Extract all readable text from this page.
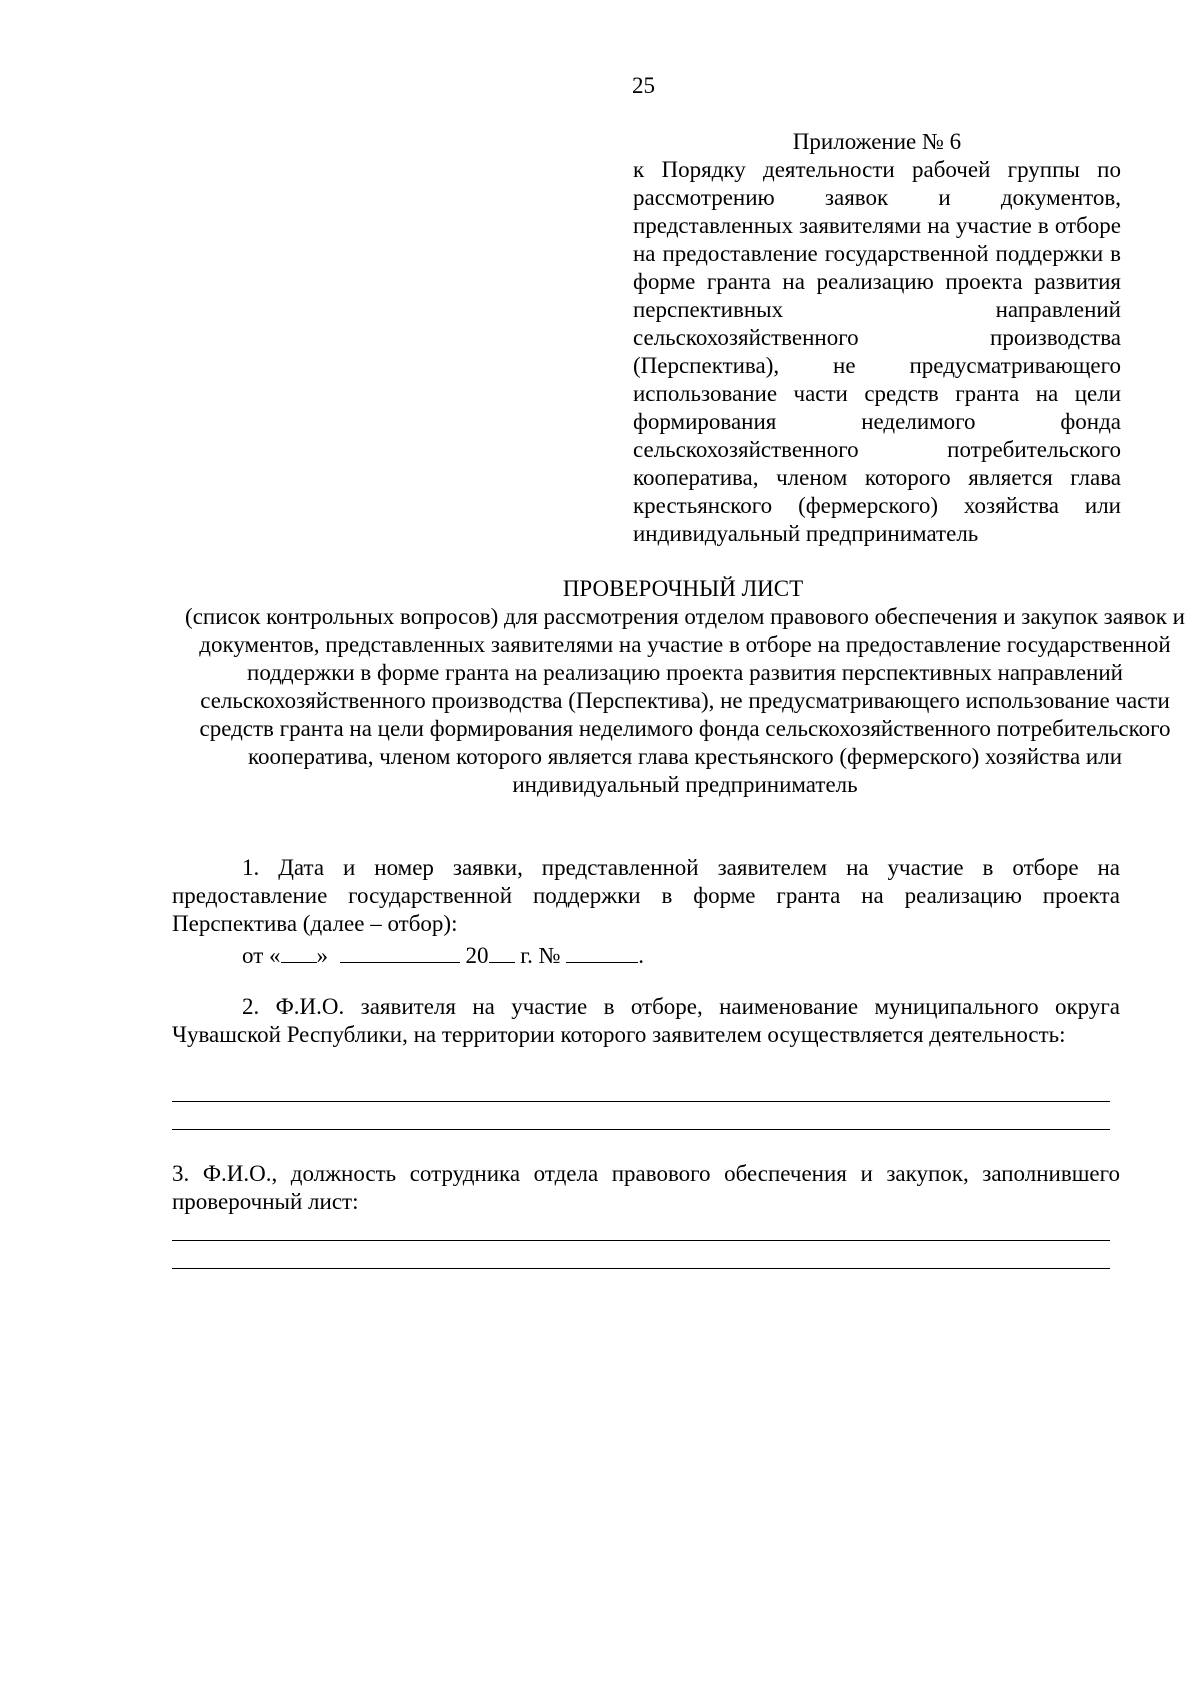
25
Приложение № 6
к Порядку деятельности рабочей группы по рассмотрению заявок и документов, представленных заявителями на участие в отборе на предоставление государственной поддержки в форме гранта на реализацию проекта развития перспективных направлений сельскохозяйственного производства (Перспектива), не предусматривающего использование части средств гранта на цели формирования неделимого фонда сельскохозяйственного потребительского кооператива, членом которого является глава крестьянского (фермерского) хозяйства или индивидуальный предприниматель
ПРОВЕРОЧНЫЙ ЛИСТ
(список контрольных вопросов) для рассмотрения отделом правового обеспечения и закупок заявок и документов, представленных заявителями на участие в отборе на предоставление государственной поддержки в форме гранта на реализацию проекта развития перспективных направлений сельскохозяйственного производства (Перспектива), не предусматривающего использование части средств гранта на цели формирования неделимого фонда сельскохозяйственного потребительского кооператива, членом которого является глава крестьянского (фермерского) хозяйства или индивидуальный предприниматель
1. Дата и номер заявки, представленной заявителем на участие в отборе на предоставление государственной поддержки в форме гранта на реализацию проекта Перспектива (далее – отбор):
от « »	20 г. №	.
2. Ф.И.О. заявителя на участие в отборе, наименование муниципального округа Чувашской Республики, на территории которого заявителем осуществляется деятельность:
3. Ф.И.О., должность сотрудника отдела правового обеспечения и закупок, заполнившего проверочный лист:
